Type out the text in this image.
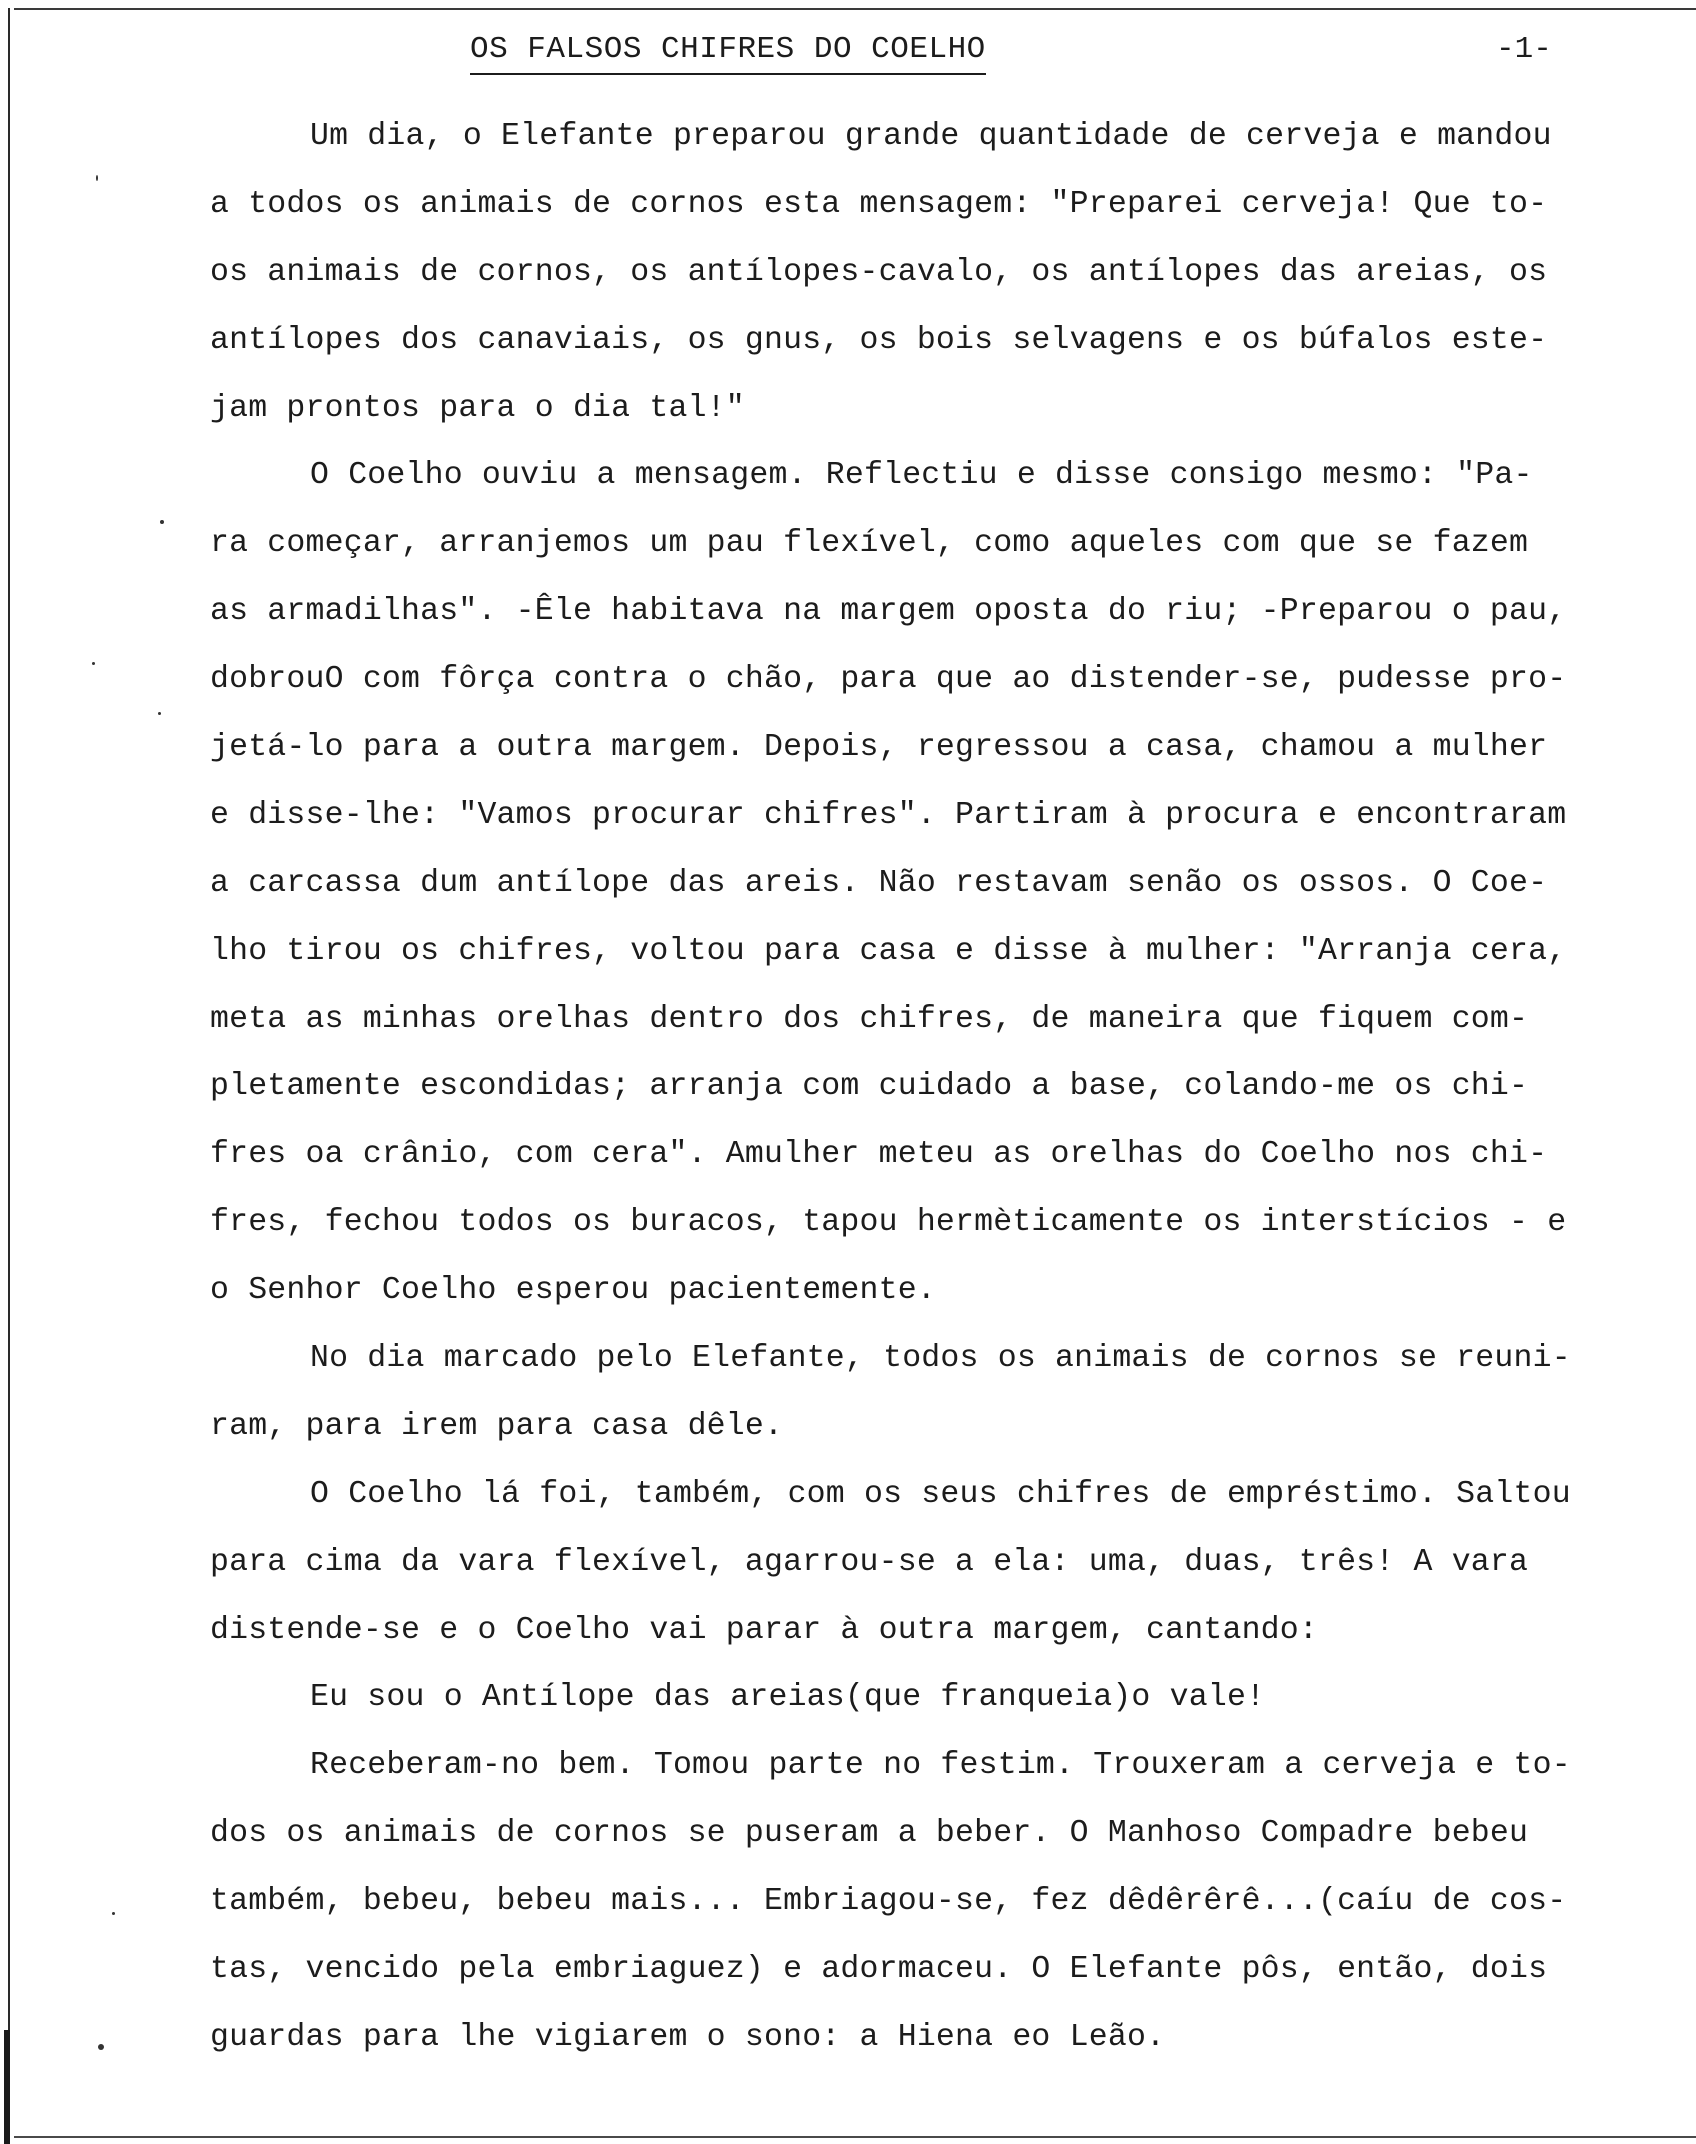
OS FALSOS CHIFRES DO COELHO	-1-
Um dia, o Elefante preparou grande quantidade de cerveja e mandou
a todos os animais de cornos esta mensagem: "Preparei cerveja! Que to-
os animais de cornos, os antílopes-cavalo, os antílopes das areias, os
antílopes dos canaviais, os gnus, os bois selvagens e os búfalos este-
jam prontos para o dia tal!"
O Coelho ouviu a mensagem. Reflectiu e disse consigo mesmo: "Pa-
ra começar, arranjemos um pau flexível, como aqueles com que se fazem
as armadilhas". -Êle habitava na margem oposta do riu; -Preparou o pau,
dobrouO com fôrça contra o chão, para que ao distender-se, pudesse pro-
jetá-lo para a outra margem. Depois, regressou a casa, chamou a mulher
e disse-lhe: "Vamos procurar chifres". Partiram à procura e encontraram
a carcassa dum antílope das areis. Não restavam senão os ossos. O Coe-
lho tirou os chifres, voltou para casa e disse à mulher: "Arranja cera,
meta as minhas orelhas dentro dos chifres, de maneira que fiquem com-
pletamente escondidas; arranja com cuidado a base, colando-me os chi-
fres oa crânio, com cera". Amulher meteu as orelhas do Coelho nos chi-
fres, fechou todos os buracos, tapou hermèticamente os interstícios - e
o Senhor Coelho esperou pacientemente.
No dia marcado pelo Elefante, todos os animais de cornos se reuni-
ram, para irem para casa dêle.
O Coelho lá foi, também, com os seus chifres de empréstimo. Saltou
para cima da vara flexível, agarrou-se a ela: uma, duas, três! A vara
distende-se e o Coelho vai parar à outra margem, cantando:
Eu sou o Antílope das areias(que franqueia)o vale!
Receberam-no bem. Tomou parte no festim. Trouxeram a cerveja e to-
dos os animais de cornos se puseram a beber. O Manhoso Compadre bebeu
também, bebeu, bebeu mais... Embriagou-se, fez dêdêrêrê...(caíu de cos-
tas, vencido pela embriaguez) e adormaceu. O Elefante pôs, então, dois
guardas para lhe vigiarem o sono: a Hiena eo Leão.
